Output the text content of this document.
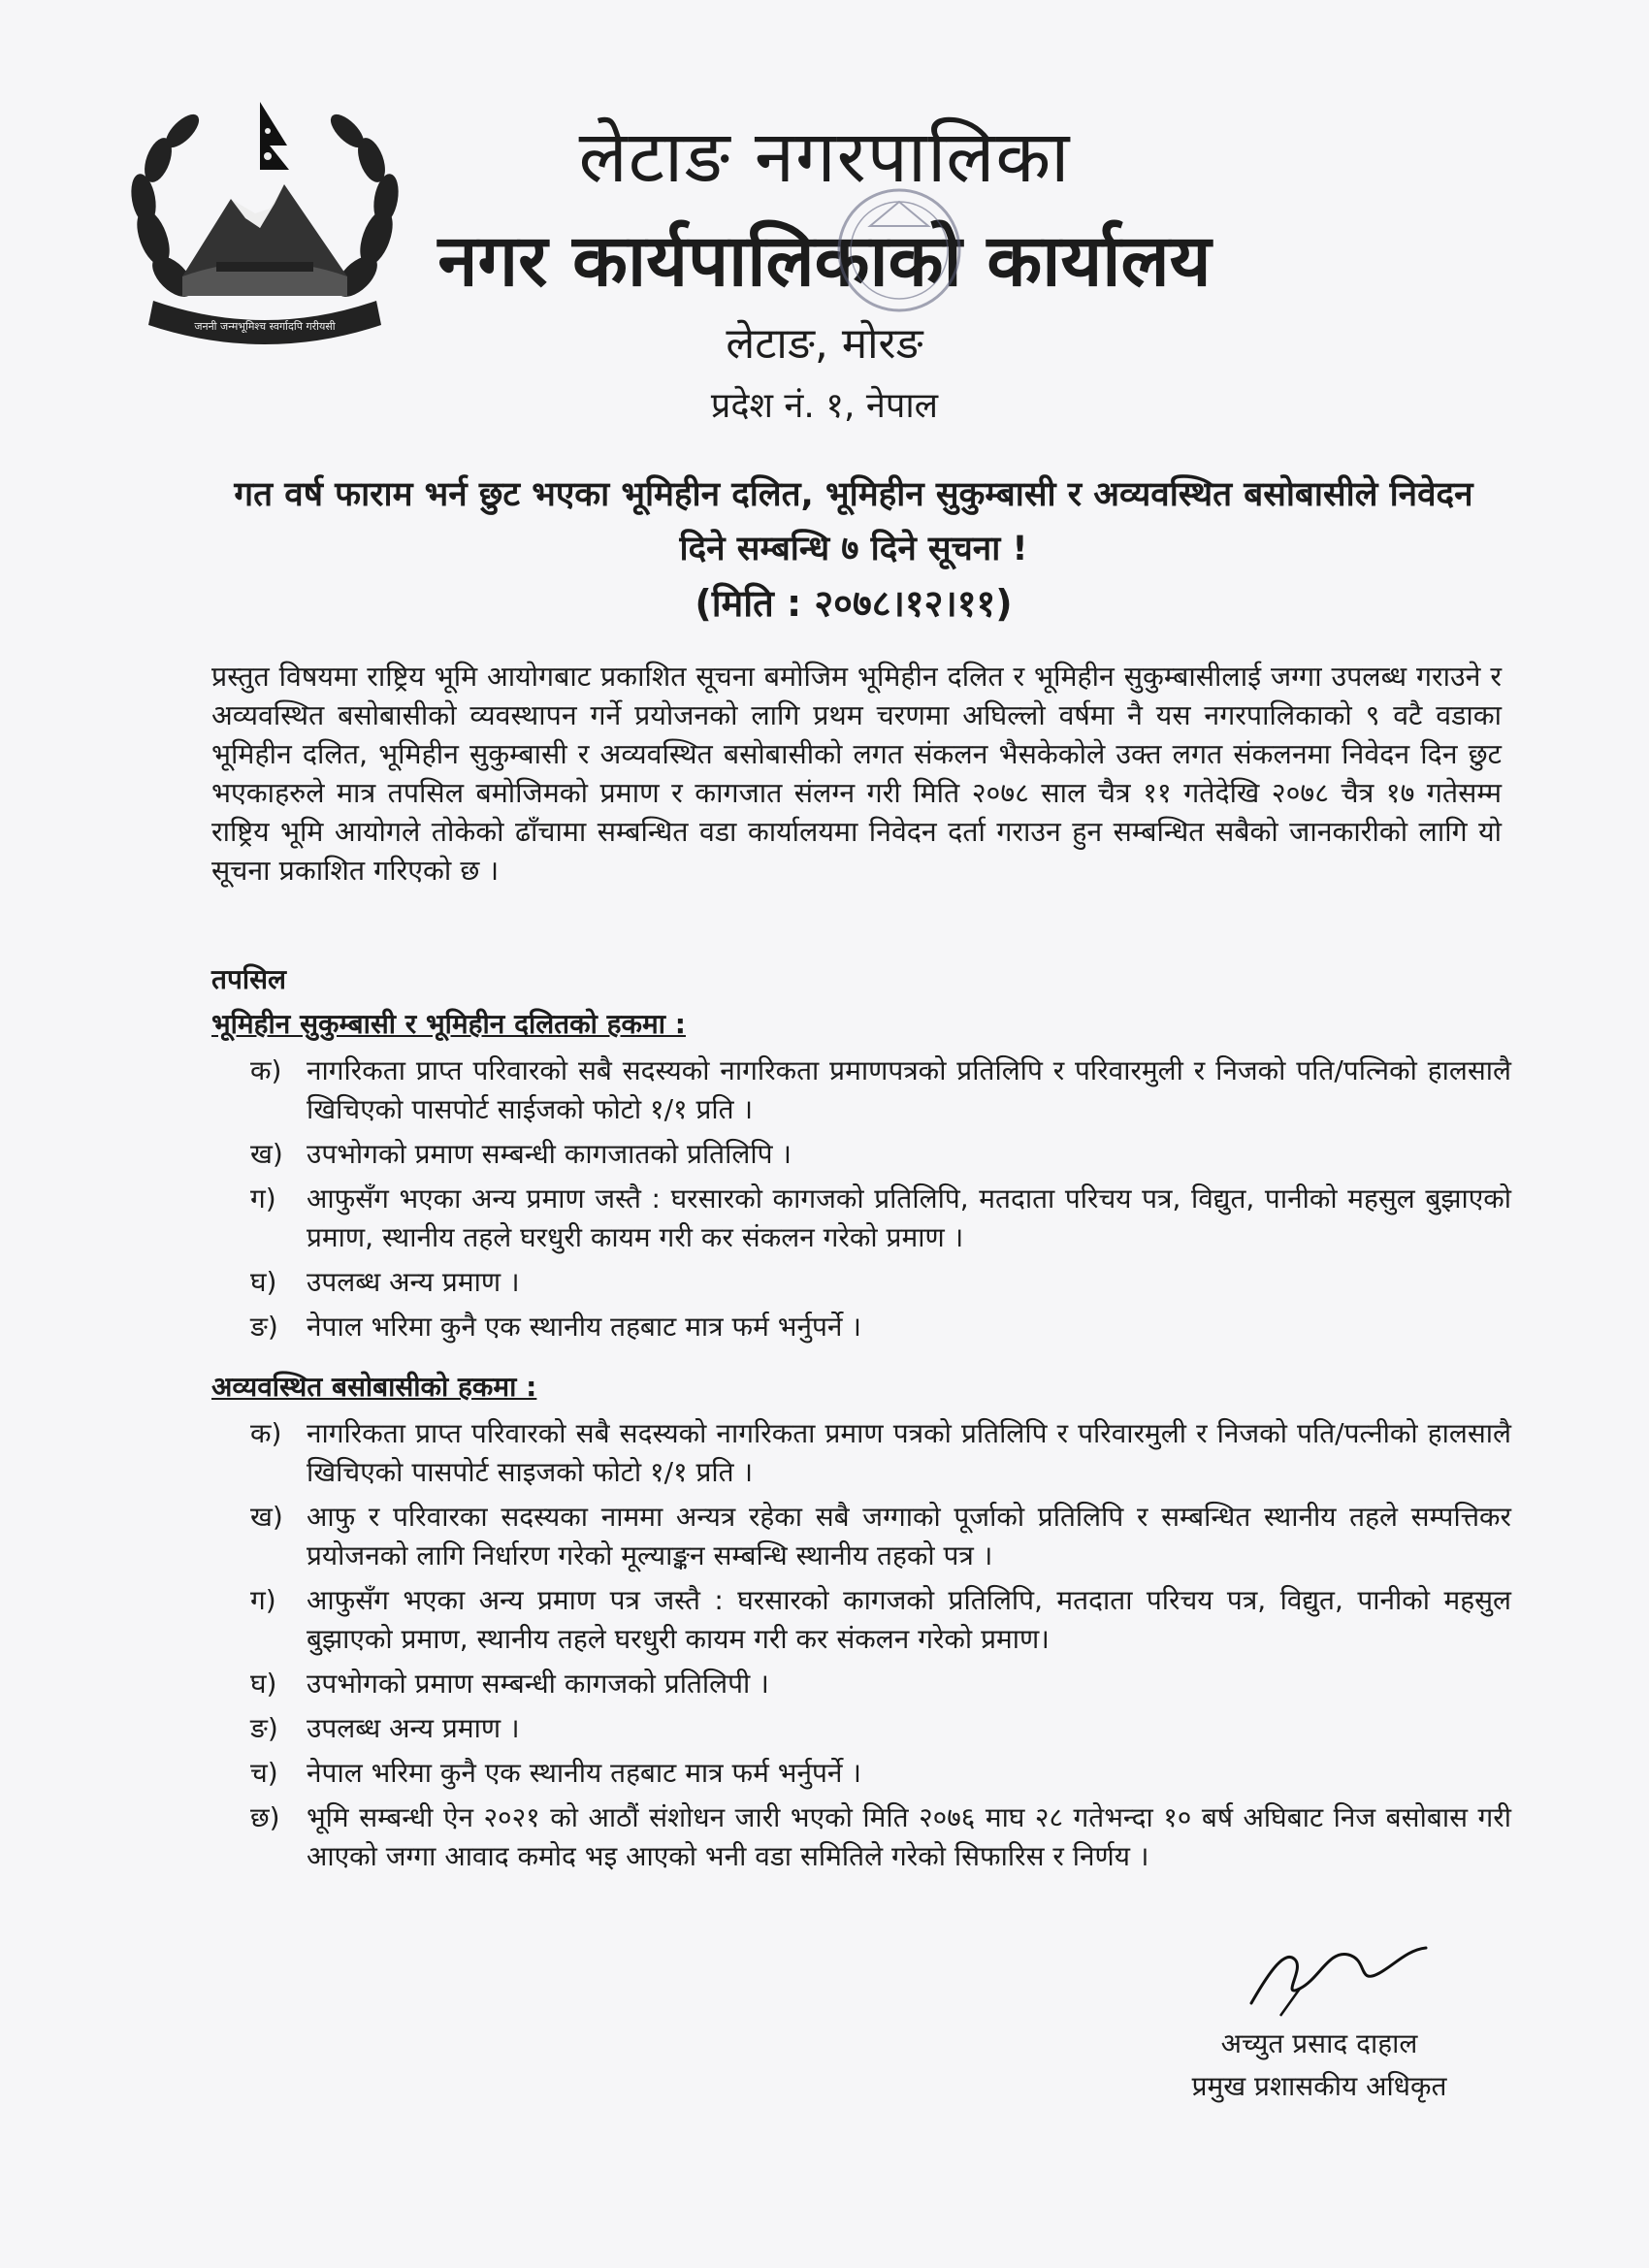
जननी जन्मभूमिश्च स्वर्गादपि गरीयसी
लेटाङ नगरपालिका
नगर कार्यपालिकाको कार्यालय
लेटाङ, मोरङ
प्रदेश नं. १, नेपाल
गत वर्ष फाराम भर्न छुट भएका भूमिहीन दलित, भूमिहीन सुकुम्बासी र अव्यवस्थित बसोबासीले निवेदन
दिने सम्बन्धि ७ दिने सूचना !
(मिति : २०७८।१२।११)
प्रस्तुत विषयमा राष्ट्रिय भूमि आयोगबाट प्रकाशित सूचना बमोजिम भूमिहीन दलित र भूमिहीन सुकुम्बासीलाई जग्गा उपलब्ध गराउने र अव्यवस्थित बसोबासीको व्यवस्थापन गर्ने प्रयोजनको लागि प्रथम चरणमा अघिल्लो वर्षमा नै यस नगरपालिकाको ९ वटै वडाका भूमिहीन दलित, भूमिहीन सुकुम्बासी र अव्यवस्थित बसोबासीको लगत संकलन भैसकेकोले उक्त लगत संकलनमा निवेदन दिन छुट भएकाहरुले मात्र तपसिल बमोजिमको प्रमाण र कागजात संलग्न गरी मिति २०७८ साल चैत्र ११ गतेदेखि २०७८ चैत्र १७ गतेसम्म राष्ट्रिय भूमि आयोगले तोकेको ढाँचामा सम्बन्धित वडा कार्यालयमा निवेदन दर्ता गराउन हुन सम्बन्धित सबैको जानकारीको लागि यो सूचना प्रकाशित गरिएको छ ।
तपसिल
भूमिहीन सुकुम्बासी र भूमिहीन दलितको हकमा :
क) नागरिकता प्राप्त परिवारको सबै सदस्यको नागरिकता प्रमाणपत्रको प्रतिलिपि र परिवारमुली र निजको पति/पत्निको हालसालै खिचिएको पासपोर्ट साईजको फोटो १/१ प्रति ।
ख) उपभोगको प्रमाण सम्बन्धी कागजातको प्रतिलिपि ।
ग)	आफुसँग भएका अन्य प्रमाण जस्तै : घरसारको कागजको प्रतिलिपि, मतदाता परिचय पत्र, विद्युत, पानीको महसुल बुझाएको प्रमाण, स्थानीय तहले घरधुरी कायम गरी कर संकलन गरेको प्रमाण ।
घ)	उपलब्ध अन्य प्रमाण ।
ङ)	नेपाल भरिमा कुनै एक स्थानीय तहबाट मात्र फर्म भर्नुपर्ने ।
अव्यवस्थित बसोबासीको हकमा :
क) नागरिकता प्राप्त परिवारको सबै सदस्यको नागरिकता प्रमाण पत्रको प्रतिलिपि र परिवारमुली र निजको पति/पत्नीको हालसालै खिचिएको पासपोर्ट साइजको फोटो १/१ प्रति ।
ख) आफु र परिवारका सदस्यका नाममा अन्यत्र रहेका सबै जग्गाको पूर्जाको प्रतिलिपि र सम्बन्धित स्थानीय तहले सम्पत्तिकर प्रयोजनको लागि निर्धारण गरेको मूल्याङ्कन सम्बन्धि स्थानीय तहको पत्र ।
ग)	आफुसँग भएका अन्य प्रमाण पत्र जस्तै : घरसारको कागजको प्रतिलिपि, मतदाता परिचय पत्र, विद्युत, पानीको महसुल बुझाएको प्रमाण, स्थानीय तहले घरधुरी कायम गरी कर संकलन गरेको प्रमाण।
घ)	उपभोगको प्रमाण सम्बन्धी कागजको प्रतिलिपी ।
ङ)	उपलब्ध अन्य प्रमाण ।
च)	नेपाल भरिमा कुनै एक स्थानीय तहबाट मात्र फर्म भर्नुपर्ने ।
छ) भूमि सम्बन्धी ऐन २०२१ को आठौं संशोधन जारी भएको मिति २०७६ माघ २८ गतेभन्दा १० बर्ष अघिबाट निज बसोबास गरी आएको जग्गा आवाद कमोद भइ आएको भनी वडा समितिले गरेको सिफारिस र निर्णय ।
अच्युत प्रसाद दाहाल
प्रमुख प्रशासकीय अधिकृत
